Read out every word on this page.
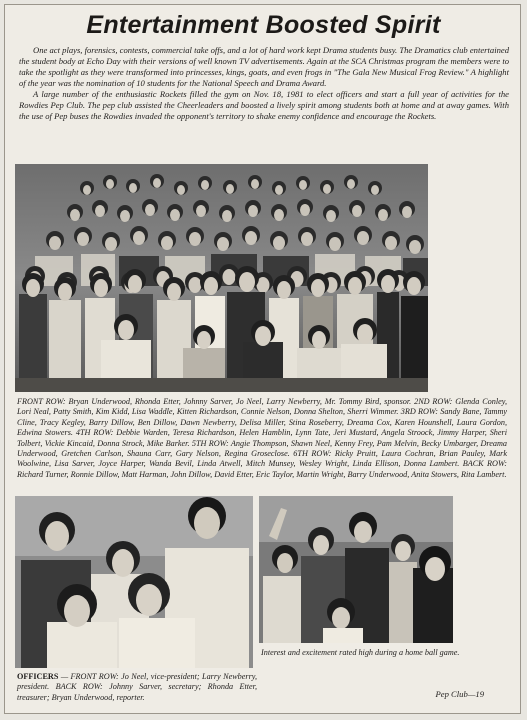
Entertainment Boosted Spirit

One act plays, forensics, contests, commercial take offs, and a lot of hard work kept Drama students busy. The Dramatics club entertained the student body at Echo Day with their versions of well known TV advertisements. Again at the SCA Christmas program the members were to take the spotlight as they were transformed into princesses, kings, goats, and even frogs in "The Gala New Musical Frog Review." A highlight of the year was the nomination of 10 students for the National Speech and Drama Award.

A large number of the enthusiastic Rockets filled the gym on Nov. 18, 1981 to elect officers and start a full year of activities for the Rowdies Pep Club. The pep club assisted the Cheerleaders and boosted a lively spirit among students both at home and at away games. With the use of Pep buses the Rowdies invaded the opponent's territory to shake enemy confidence and encourage the Rockets.

FRONT ROW: Bryan Underwood, Rhonda Etter, Johnny Sarver, Jo Neel, Larry Newberry, Mr. Tommy Bird, sponsor. 2ND ROW: Glenda Conley, Lori Neal, Patty Smith, Kim Kidd, Lisa Waddle, Kitten Richardson, Connie Nelson, Donna Shelton, Sherri Wimmer. 3RD ROW: Sandy Bane, Tammy Cline, Tracy Kegley, Barry Dillow, Ben Dillow, Dawn Newberry, Delisa Miller, Stina Roseberry, Dreama Cox, Karen Hounshell, Laura Gordon, Edwina Stowers. 4TH ROW: Debbie Warden, Teresa Richardson, Helen Hamblin, Lynn Tate, Jeri Mustard, Angela Stroock, Jimmy Harper, Sheri Tolbert, Vickie Kincaid, Donna Strock, Mike Barker. 5TH ROW: Angie Thompson, Shawn Neel, Kenny Frey, Pam Melvin, Becky Umbarger, Dreama Underwood, Gretchen Carlson, Shauna Carr, Gary Nelson, Regina Groseclose. 6TH ROW: Ricky Pruitt, Laura Cochran, Brian Pauley, Mark Woolwine, Lisa Sarver, Joyce Harper, Wanda Bevil, Linda Atwell, Mitch Munsey, Wesley Wright, Linda Ellison, Donna Lambert. BACK ROW: Richard Turner, Ronnie Dillow, Matt Harman, John Dillow, David Etter, Eric Taylor, Martin Wright, Barry Underwood, Anita Stowers, Rita Lambert.
OFFICERS — FRONT ROW: Jo Neel, vice-president; Larry Newberry, president. BACK ROW: Johnny Sarver, secretary; Rhonda Etter, treasurer; Bryan Underwood, reporter.
Interest and excitement rated high during a home ball game.
Pep Club—19
